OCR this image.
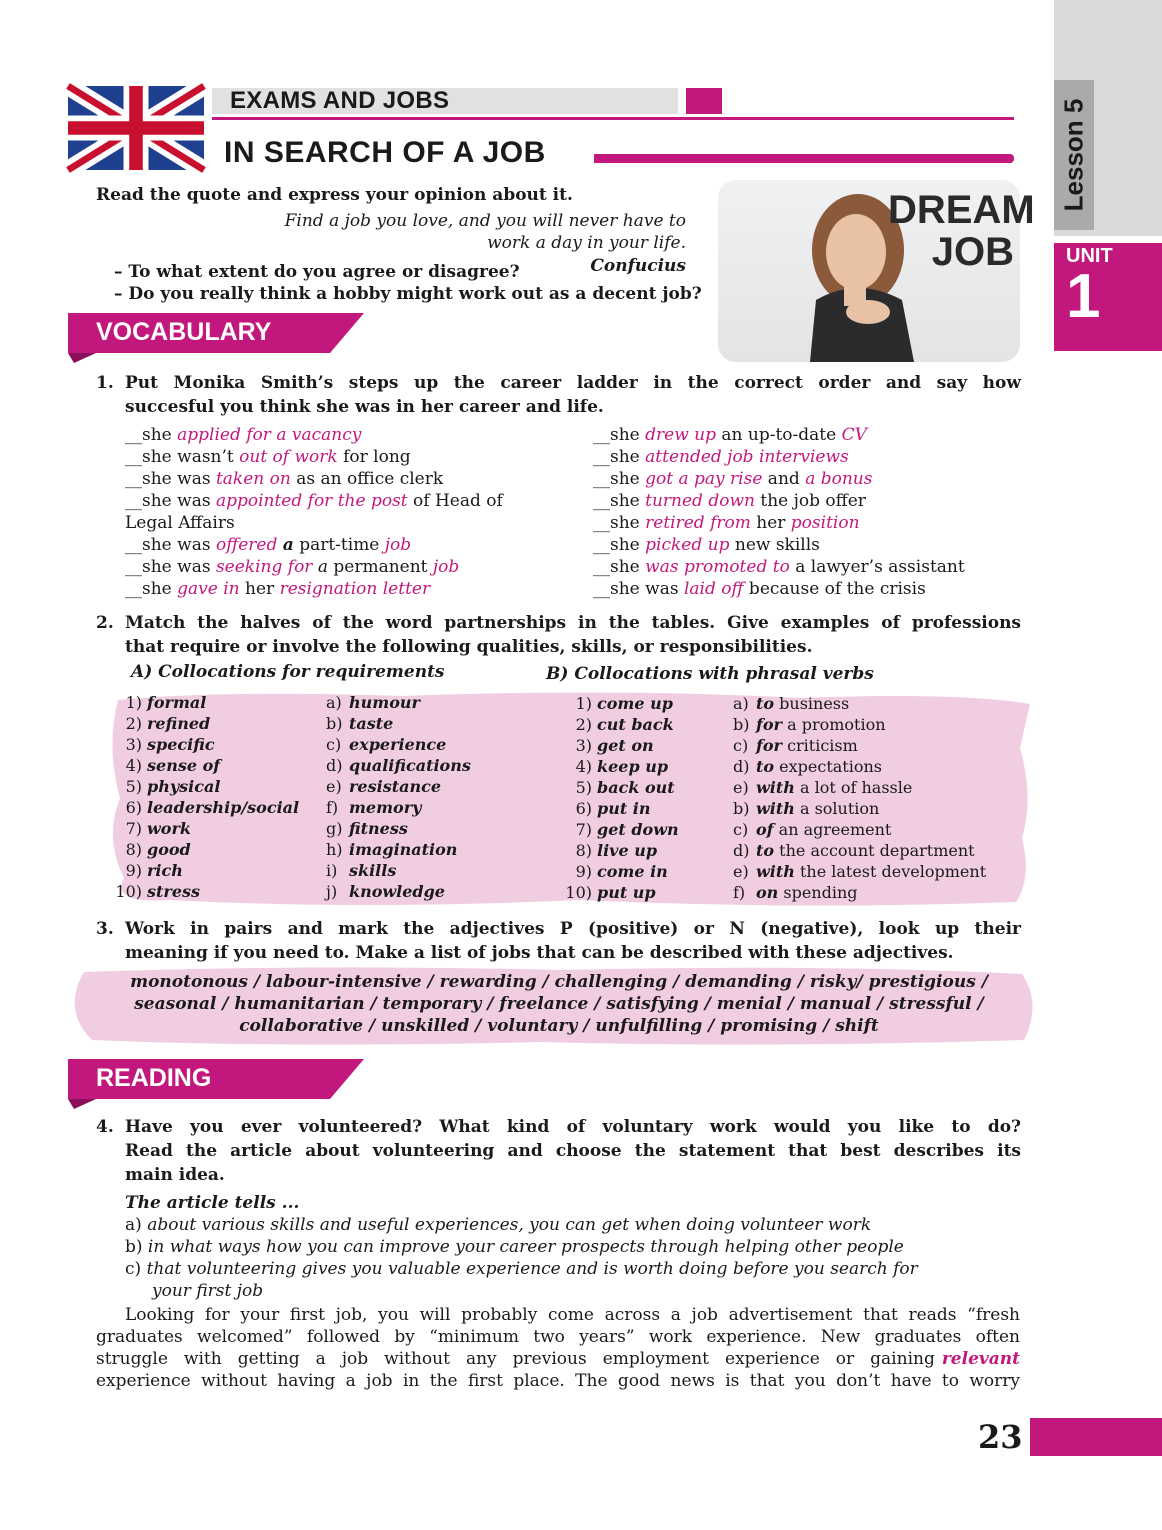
Lesson 5
UNIT
1
EXAMS AND JOBS
IN SEARCH OF A JOB
Read the quote and express your opinion about it.
Find a job you love, and you will never have to
work a day in your life.
Confucius
– To what extent do you agree or disagree?
– Do you really think a hobby might work out as a decent job?
DREAM
JOB
VOCABULARY
1. Put Monika Smith’s steps up the career ladder in the correct order and say how
succesful you think she was in her career and life.
__she applied for a vacancy
__she wasn’t out of work for long
__she was taken on as an office clerk
__she was appointed for the post of Head of
Legal Affairs
__she was offered a part-time job
__she was seeking for a permanent job
__she gave in her resignation letter
__she drew up an up-to-date CV
__she attended job interviews
__she got a pay rise and a bonus
__she turned down the job offer
__she retired from her position
__she picked up new skills
__she was promoted to a lawyer’s assistant
__she was laid off because of the crisis
2. Match the halves of the word partnerships in the tables. Give examples of professions
that require or involve the following qualities, skills, or responsibilities.
A) Collocations for requirements	B) Collocations with phrasal verbs
1) formal
2) refined
3) specific
4) sense of
5) physical
6) leadership/social
7) work
8) good
9) rich
10) stress
a) humour
b) taste
c) experience
d) qualifications
e) resistance
f) memory
g) fitness
h) imagination
i) skills
j) knowledge
1) come up
2) cut back
3) get on
4) keep up
5) back out
6) put in
7) get down
8) live up
9) come in
10) put up
a) to business
b) for a promotion
c) for criticism
d) to expectations
e) with a lot of hassle
b) with a solution
c) of an agreement
d) to the account department
e) with the latest development
f) on spending
3. Work in pairs and mark the adjectives P (positive) or N (negative), look up their
meaning if you need to. Make a list of jobs that can be described with these adjectives.
monotonous / labour-intensive / rewarding / challenging / demanding / risky/ prestigious /
seasonal / humanitarian / temporary / freelance / satisfying / menial / manual / stressful /
collaborative / unskilled / voluntary / unfulfilling / promising / shift
READING
4. Have you ever volunteered? What kind of voluntary work would you like to do?
Read the article about volunteering and choose the statement that best describes its
main idea.
The article tells ...
a) about various skills and useful experiences, you can get when doing volunteer work
b) in what ways how you can improve your career prospects through helping other people
c) that volunteering gives you valuable experience and is worth doing before you search for
your first job
Looking for your first job, you will probably come across a job advertisement that reads “fresh
graduates welcomed” followed by “minimum two years” work experience. New graduates often
struggle with getting a job without any previous employment experience or gaining relevant
experience without having a job in the first place. The good news is that you don’t have to worry
23
